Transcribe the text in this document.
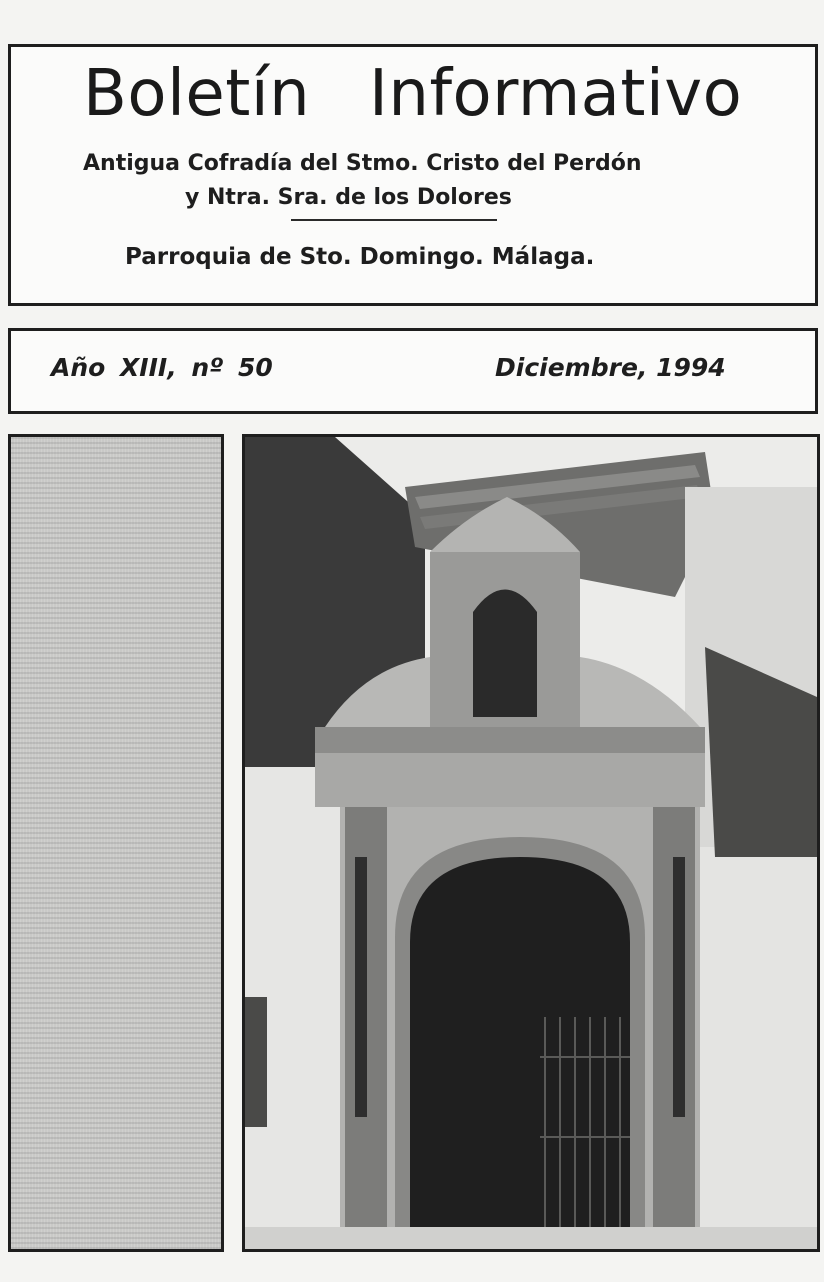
Boletín Informativo

Antigua Cofradía del Stmo. Cristo del Perdón

y Ntra. Sra. de los Dolores

Parroquia de Sto. Domingo. Málaga.

Año XIII, nº 50	Diciembre, 1994
